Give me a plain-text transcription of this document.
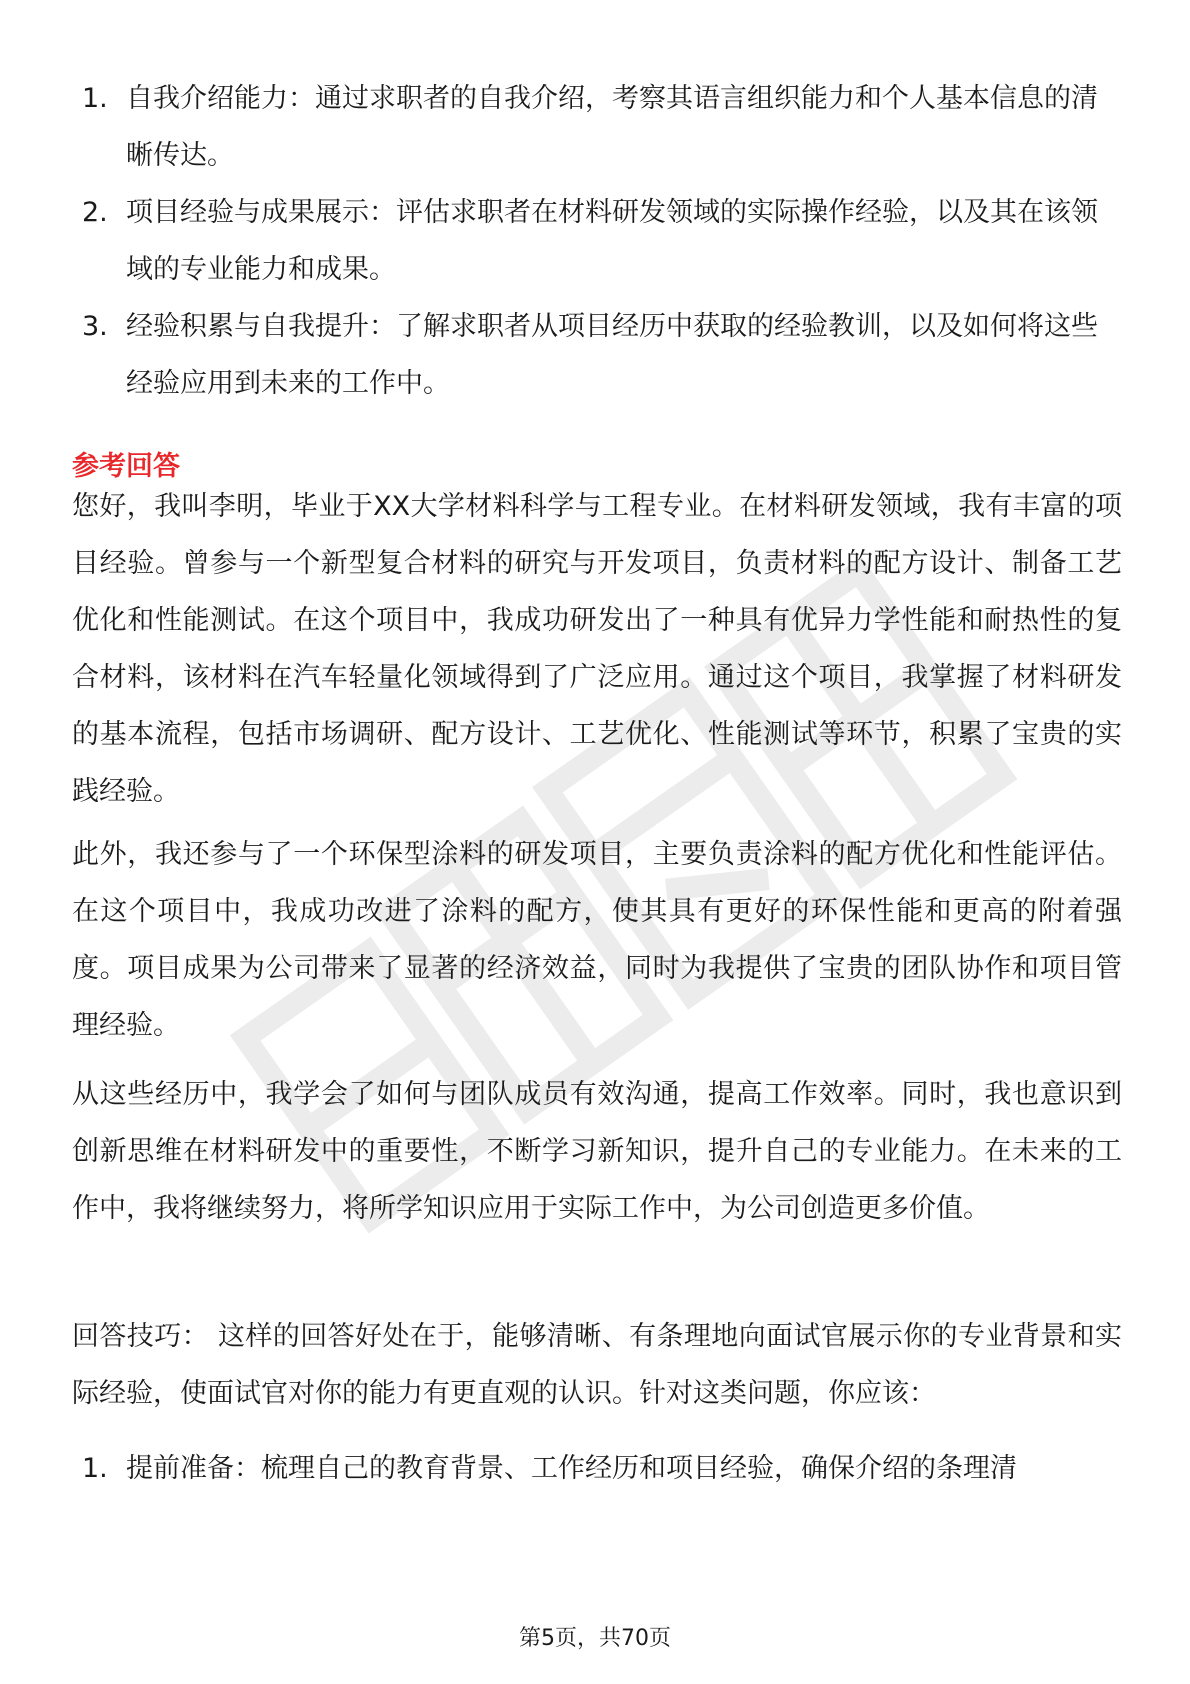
1. 自我介绍能力：通过求职者的自我介绍，考察其语言组织能力和个人基本信息的清晰传达。
2. 项目经验与成果展示：评估求职者在材料研发领域的实际操作经验，以及其在该领域的专业能力和成果。
3. 经验积累与自我提升：了解求职者从项目经历中获取的经验教训，以及如何将这些经验应用到未来的工作中。
参考回答
您好，我叫李明，毕业于XX大学材料科学与工程专业。在材料研发领域，我有丰富的项目经验。曾参与一个新型复合材料的研究与开发项目，负责材料的配方设计、制备工艺优化和性能测试。在这个项目中，我成功研发出了一种具有优异力学性能和耐热性的复合材料，该材料在汽车轻量化领域得到了广泛应用。通过这个项目，我掌握了材料研发的基本流程，包括市场调研、配方设计、工艺优化、性能测试等环节，积累了宝贵的实践经验。
此外，我还参与了一个环保型涂料的研发项目，主要负责涂料的配方优化和性能评估。在这个项目中，我成功改进了涂料的配方，使其具有更好的环保性能和更高的附着强度。项目成果为公司带来了显著的经济效益，同时为我提供了宝贵的团队协作和项目管理经验。
从这些经历中，我学会了如何与团队成员有效沟通，提高工作效率。同时，我也意识到创新思维在材料研发中的重要性，不断学习新知识，提升自己的专业能力。在未来的工作中，我将继续努力，将所学知识应用于实际工作中，为公司创造更多价值。
回答技巧： 这样的回答好处在于，能够清晰、有条理地向面试官展示你的专业背景和实际经验，使面试官对你的能力有更直观的认识。针对这类问题，你应该：
1. 提前准备：梳理自己的教育背景、工作经历和项目经验，确保介绍的条理清
第5页，共70页
